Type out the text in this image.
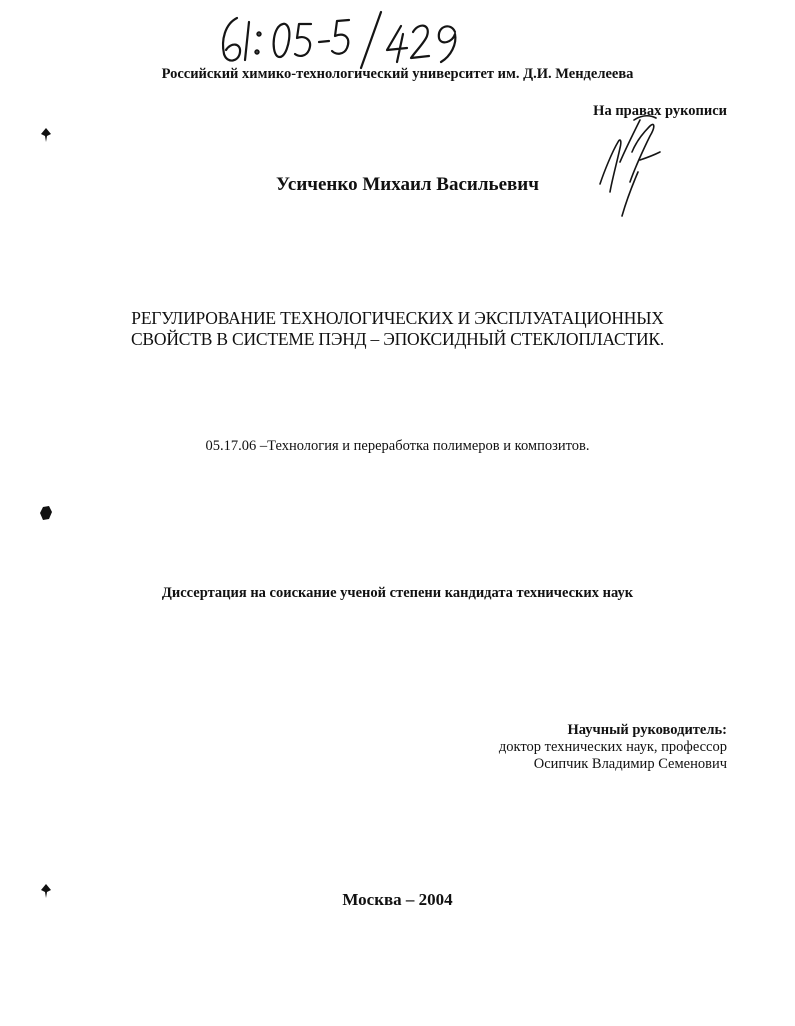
Российский химико-технологический университет им. Д.И. Менделеева
На правах рукописи
Усиченко Михаил Васильевич
РЕГУЛИРОВАНИЕ ТЕХНОЛОГИЧЕСКИХ И ЭКСПЛУАТАЦИОННЫХ
СВОЙСТВ В СИСТЕМЕ ПЭНД – ЭПОКСИДНЫЙ СТЕКЛОПЛАСТИК.
05.17.06 –Технология и переработка полимеров и композитов.
Диссертация на соискание ученой степени кандидата технических наук
Научный руководитель:
доктор технических наук, профессор
Осипчик Владимир Семенович
Москва – 2004
